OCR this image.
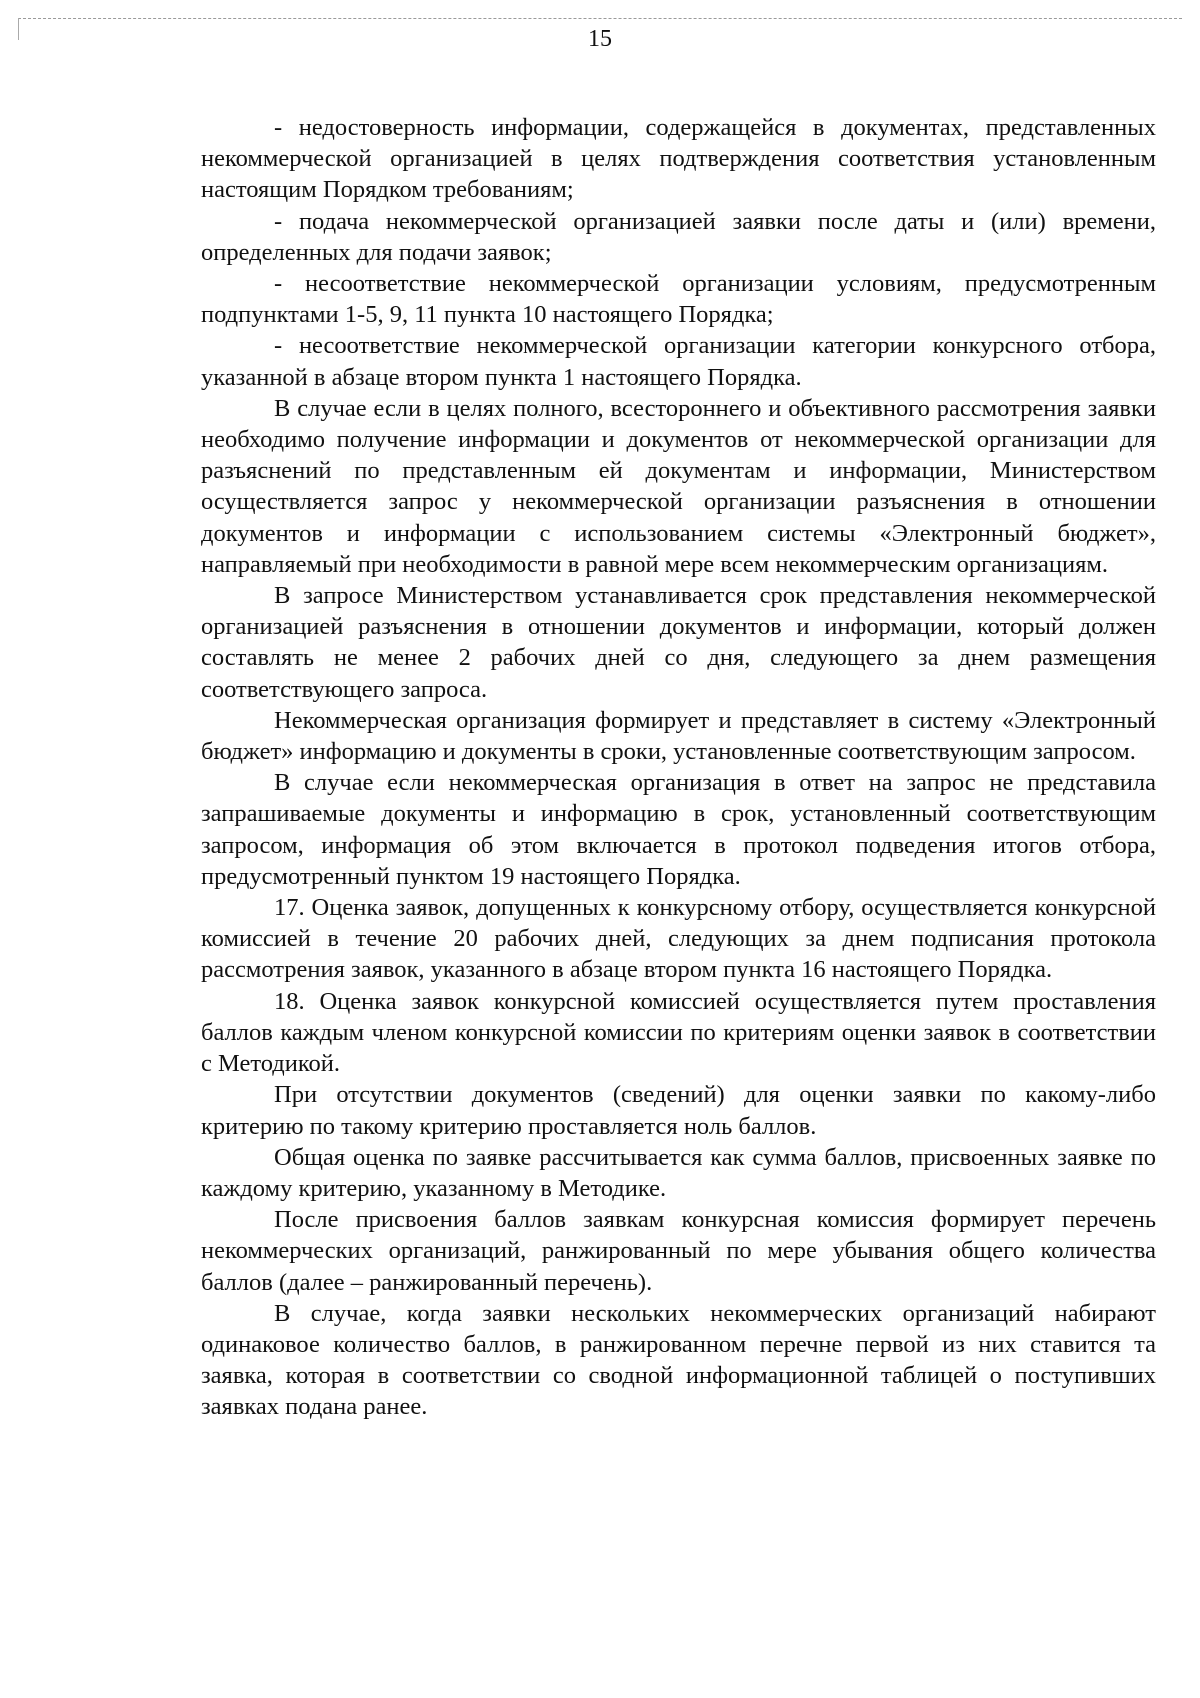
15

- недостоверность информации, содержащейся в документах, представленных некоммерческой организацией в целях подтверждения соответствия установленным настоящим Порядком требованиям;

- подача некоммерческой организацией заявки после даты и (или) времени, определенных для подачи заявок;

- несоответствие некоммерческой организации условиям, предусмотренным подпунктами 1-5, 9, 11 пункта 10 настоящего Порядка;

- несоответствие некоммерческой организации категории конкурсного отбора, указанной в абзаце втором пункта 1 настоящего Порядка.

В случае если в целях полного, всестороннего и объективного рассмотрения заявки необходимо получение информации и документов от некоммерческой организации для разъяснений по представленным ей документам и информации, Министерством осуществляется запрос у некоммерческой организации разъяснения в отношении документов и информации с использованием системы «Электронный бюджет», направляемый при необходимости в равной мере всем некоммерческим организациям.

В запросе Министерством устанавливается срок представления некоммерческой организацией разъяснения в отношении документов и информации, который должен составлять не менее 2 рабочих дней со дня, следующего за днем размещения соответствующего запроса.

Некоммерческая организация формирует и представляет в систему «Электронный бюджет» информацию и документы в сроки, установленные соответствующим запросом.

В случае если некоммерческая организация в ответ на запрос не представила запрашиваемые документы и информацию в срок, установленный соответствующим запросом, информация об этом включается в протокол подведения итогов отбора, предусмотренный пунктом 19 настоящего Порядка.

17. Оценка заявок, допущенных к конкурсному отбору, осуществляется конкурсной комиссией в течение 20 рабочих дней, следующих за днем подписания протокола рассмотрения заявок, указанного в абзаце втором пункта 16 настоящего Порядка.

18. Оценка заявок конкурсной комиссией осуществляется путем проставления баллов каждым членом конкурсной комиссии по критериям оценки заявок в соответствии с Методикой.

При отсутствии документов (сведений) для оценки заявки по какому-либо критерию по такому критерию проставляется ноль баллов.

Общая оценка по заявке рассчитывается как сумма баллов, присвоенных заявке по каждому критерию, указанному в Методике.

После присвоения баллов заявкам конкурсная комиссия формирует перечень некоммерческих организаций, ранжированный по мере убывания общего количества баллов (далее – ранжированный перечень).

В случае, когда заявки нескольких некоммерческих организаций набирают одинаковое количество баллов, в ранжированном перечне первой из них ставится та заявка, которая в соответствии со сводной информационной таблицей о поступивших заявках подана ранее.
